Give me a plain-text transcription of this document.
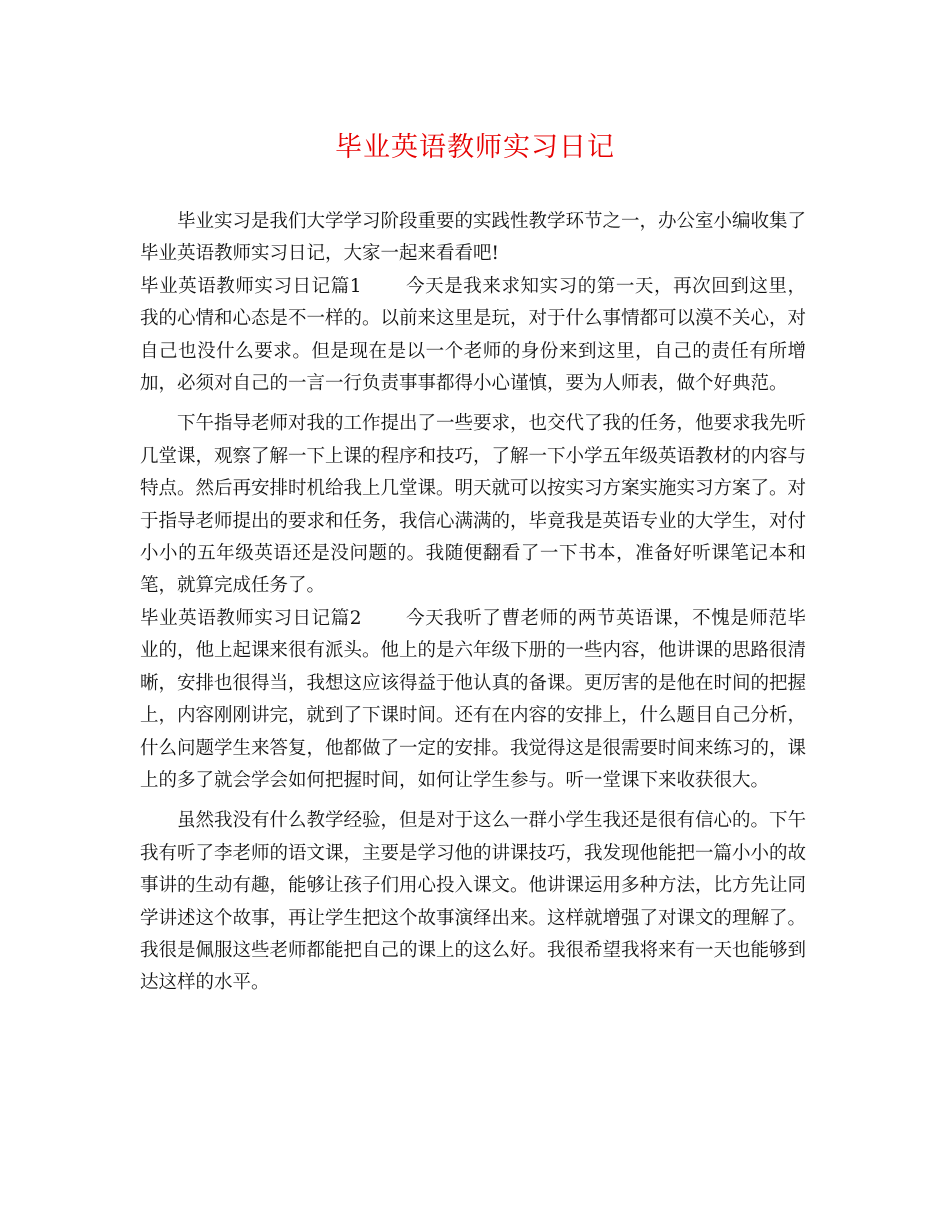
毕业英语教师实习日记

毕业实习是我们大学学习阶段重要的实践性教学环节之一，办公室小编收集了毕业英语教师实习日记，大家一起来看看吧!

毕业英语教师实习日记篇1 今天是我来求知实习的第一天，再次回到这里，我的心情和心态是不一样的。以前来这里是玩，对于什么事情都可以漠不关心，对自己也没什么要求。但是现在是以一个老师的身份来到这里，自己的责任有所增加，必须对自己的一言一行负责事事都得小心谨慎，要为人师表，做个好典范。

下午指导老师对我的工作提出了一些要求，也交代了我的任务，他要求我先听几堂课，观察了解一下上课的程序和技巧，了解一下小学五年级英语教材的内容与特点。然后再安排时机给我上几堂课。明天就可以按实习方案实施实习方案了。对于指导老师提出的要求和任务，我信心满满的，毕竟我是英语专业的大学生，对付小小的五年级英语还是没问题的。我随便翻看了一下书本，准备好听课笔记本和笔，就算完成任务了。

毕业英语教师实习日记篇2 今天我听了曹老师的两节英语课，不愧是师范毕业的，他上起课来很有派头。他上的是六年级下册的一些内容，他讲课的思路很清晰，安排也很得当，我想这应该得益于他认真的备课。更厉害的是他在时间的把握上，内容刚刚讲完，就到了下课时间。还有在内容的安排上，什么题目自己分析，什么问题学生来答复，他都做了一定的安排。我觉得这是很需要时间来练习的，课上的多了就会学会如何把握时间，如何让学生参与。听一堂课下来收获很大。

虽然我没有什么教学经验，但是对于这么一群小学生我还是很有信心的。下午我有听了李老师的语文课，主要是学习他的讲课技巧，我发现他能把一篇小小的故事讲的生动有趣，能够让孩子们用心投入课文。他讲课运用多种方法，比方先让同学讲述这个故事，再让学生把这个故事演绎出来。这样就增强了对课文的理解了。我很是佩服这些老师都能把自己的课上的这么好。我很希望我将来有一天也能够到达这样的水平。
